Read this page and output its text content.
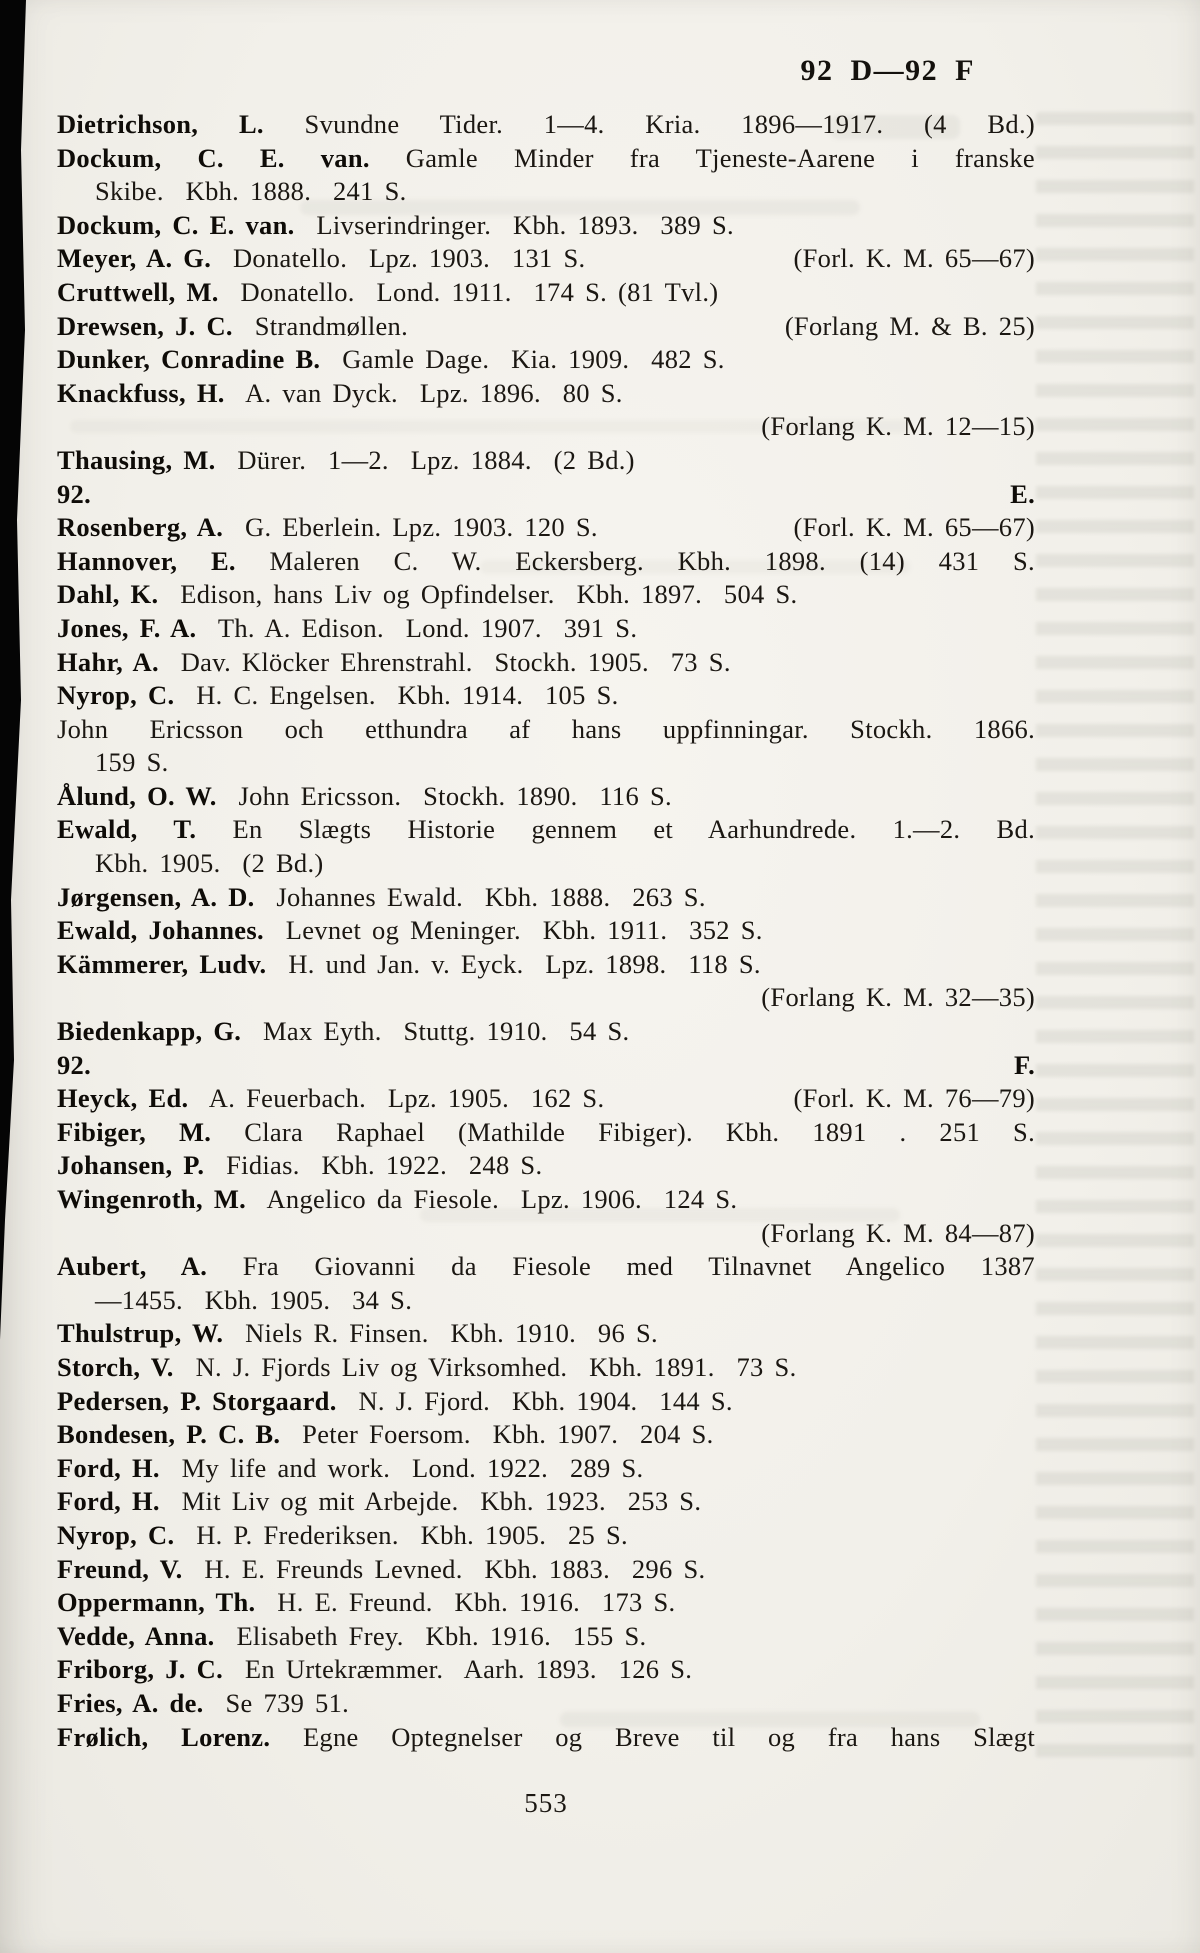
92 D—92 F
Dietrichson, L. Svundne Tider. 1—4. Kria. 1896—1917. (4 Bd.)
Dockum, C. E. van. Gamle Minder fra Tjeneste-Aarene i franske
Skibe.  Kbh. 1888.  241 S.
Dockum, C. E. van.  Livserindringer.  Kbh. 1893.  389 S.
Meyer, A. G.  Donatello.  Lpz. 1903.  131 S.	(Forl. K. M. 65—67)
Cruttwell, M.  Donatello.  Lond. 1911.  174 S. (81 Tvl.)
Drewsen, J. C.  Strandmøllen.	(Forlang M. & B. 25)
Dunker, Conradine B.  Gamle Dage.  Kia. 1909.  482 S.
Knackfuss, H.  A. van Dyck.  Lpz. 1896.  80 S.
(Forlang K. M. 12—15)
Thausing, M.  Dürer.  1—2.  Lpz. 1884.  (2 Bd.)
92.	E.
Rosenberg, A.  G. Eberlein. Lpz. 1903. 120 S.	(Forl. K. M. 65—67)
Hannover, E. Maleren C. W. Eckersberg. Kbh. 1898. (14) 431 S.
Dahl, K.  Edison, hans Liv og Opfindelser.  Kbh. 1897.  504 S.
Jones, F. A.  Th. A. Edison.  Lond. 1907.  391 S.
Hahr, A.  Dav. Klöcker Ehrenstrahl.  Stockh. 1905.  73 S.
Nyrop, C.  H. C. Engelsen.  Kbh. 1914.  105 S.
John Ericsson och etthundra af hans uppfinningar. Stockh. 1866.
159 S.
Ålund, O. W.  John Ericsson.  Stockh. 1890.  116 S.
Ewald, T. En Slægts Historie gennem et Aarhundrede. 1.—2. Bd.
Kbh. 1905.  (2 Bd.)
Jørgensen, A. D.  Johannes Ewald.  Kbh. 1888.  263 S.
Ewald, Johannes.  Levnet og Meninger.  Kbh. 1911.  352 S.
Kämmerer, Ludv.  H. und Jan. v. Eyck.  Lpz. 1898.  118 S.
(Forlang K. M. 32—35)
Biedenkapp, G.  Max Eyth.  Stuttg. 1910.  54 S.
92.	F.
Heyck, Ed.  A. Feuerbach.  Lpz. 1905.  162 S.	(Forl. K. M. 76—79)
Fibiger, M. Clara Raphael (Mathilde Fibiger). Kbh. 1891 . 251 S.
Johansen, P.  Fidias.  Kbh. 1922.  248 S.
Wingenroth, M.  Angelico da Fiesole.  Lpz. 1906.  124 S.
(Forlang K. M. 84—87)
Aubert, A. Fra Giovanni da Fiesole med Tilnavnet Angelico 1387
—1455.  Kbh. 1905.  34 S.
Thulstrup, W.  Niels R. Finsen.  Kbh. 1910.  96 S.
Storch, V.  N. J. Fjords Liv og Virksomhed.  Kbh. 1891.  73 S.
Pedersen, P. Storgaard.  N. J. Fjord.  Kbh. 1904.  144 S.
Bondesen, P. C. B.  Peter Foersom.  Kbh. 1907.  204 S.
Ford, H.  My life and work.  Lond. 1922.  289 S.
Ford, H.  Mit Liv og mit Arbejde.  Kbh. 1923.  253 S.
Nyrop, C.  H. P. Frederiksen.  Kbh. 1905.  25 S.
Freund, V.  H. E. Freunds Levned.  Kbh. 1883.  296 S.
Oppermann, Th.  H. E. Freund.  Kbh. 1916.  173 S.
Vedde, Anna.  Elisabeth Frey.  Kbh. 1916.  155 S.
Friborg, J. C.  En Urtekræmmer.  Aarh. 1893.  126 S.
Fries, A. de.  Se 739 51.
Frølich, Lorenz. Egne Optegnelser og Breve til og fra hans Slægt
553
